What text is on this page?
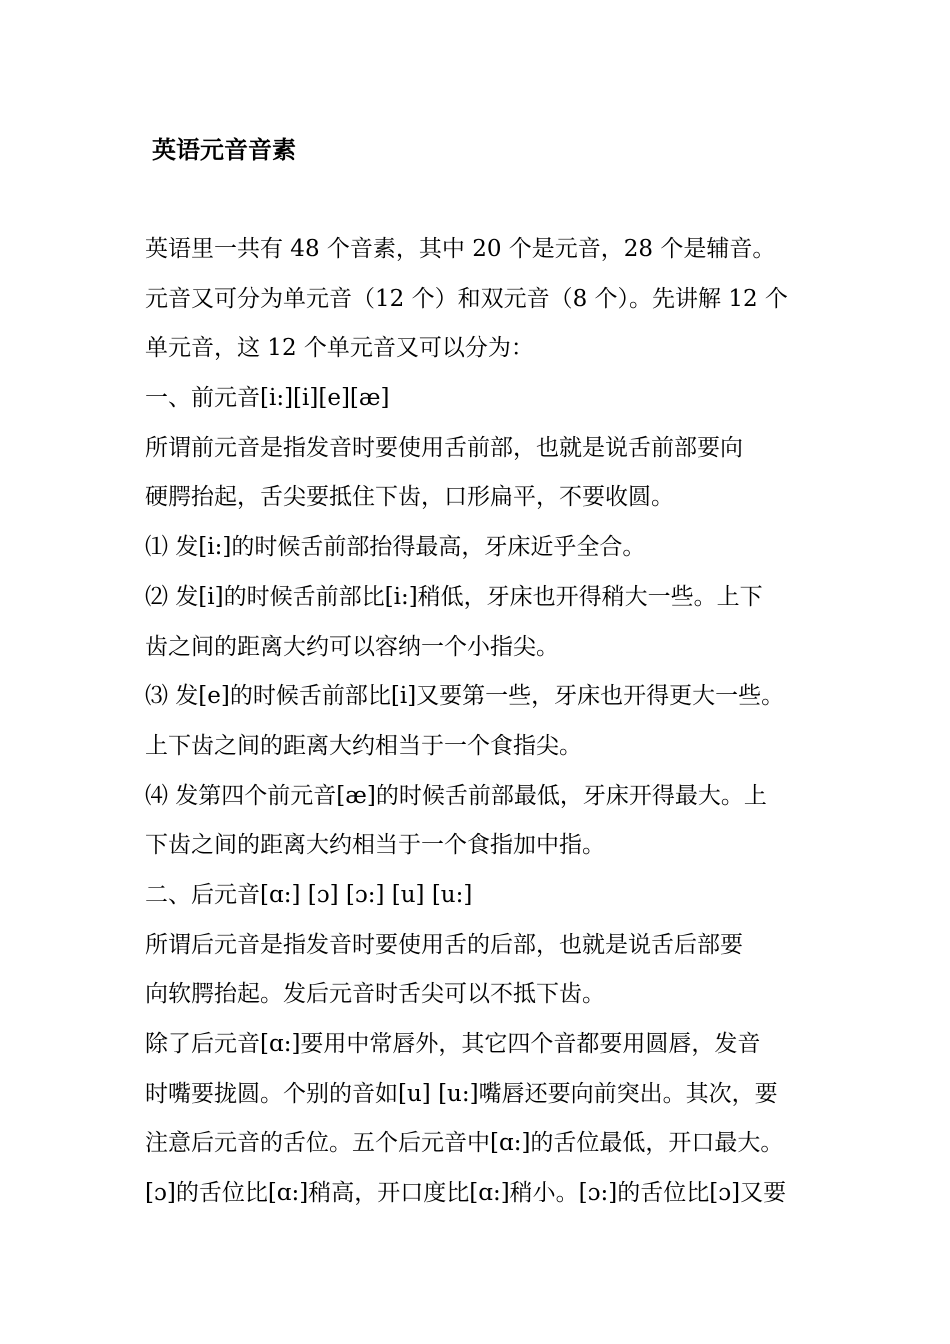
英语元音音素
英语里一共有 48 个音素，其中 20 个是元音，28 个是辅音。
元音又可分为单元音（12 个）和双元音（8 个）。先讲解 12 个
单元音，这 12 个单元音又可以分为：
一、前元音[i:][i][e][æ]
所谓前元音是指发音时要使用舌前部，也就是说舌前部要向
硬腭抬起，舌尖要抵住下齿，口形扁平，不要收圆。
⑴ 发[i:]的时候舌前部抬得最高，牙床近乎全合。
⑵ 发[i]的时候舌前部比[i:]稍低，牙床也开得稍大一些。上下
齿之间的距离大约可以容纳一个小指尖。
⑶ 发[e]的时候舌前部比[i]又要第一些，牙床也开得更大一些。
上下齿之间的距离大约相当于一个食指尖。
⑷ 发第四个前元音[æ]的时候舌前部最低，牙床开得最大。上
下齿之间的距离大约相当于一个食指加中指。
二、后元音[ɑ:] [ɔ] [ɔ:] [u] [u:]
所谓后元音是指发音时要使用舌的后部，也就是说舌后部要
向软腭抬起。发后元音时舌尖可以不抵下齿。
除了后元音[ɑ:]要用中常唇外，其它四个音都要用圆唇，发音
时嘴要拢圆。个别的音如[u] [u:]嘴唇还要向前突出。其次，要
注意后元音的舌位。五个后元音中[ɑ:]的舌位最低，开口最大。
[ɔ]的舌位比[ɑ:]稍高，开口度比[ɑ:]稍小。[ɔ:]的舌位比[ɔ]又要
